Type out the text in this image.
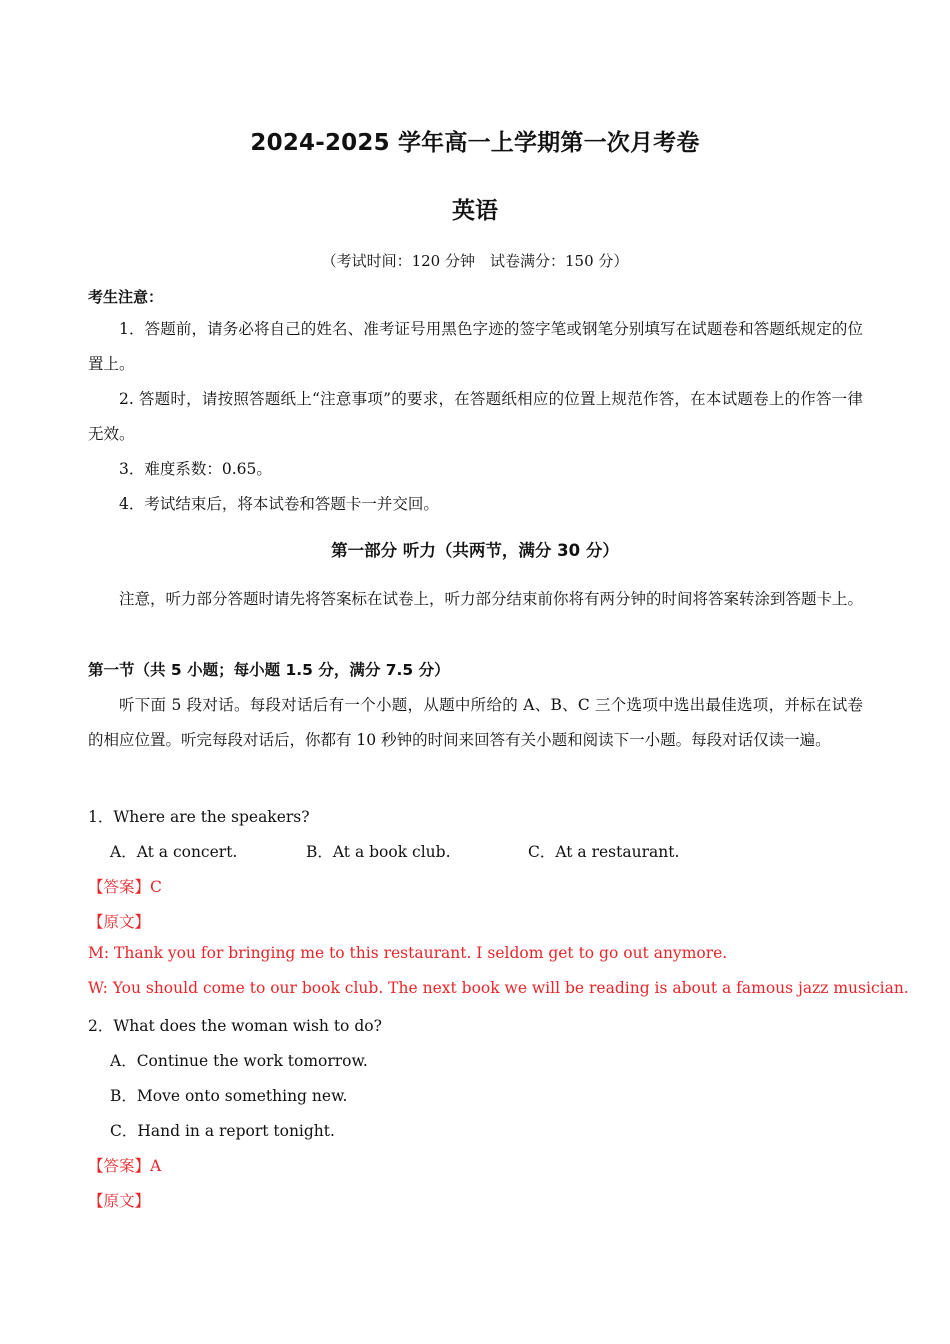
2024-2025 学年高一上学期第一次月考卷
英语
（考试时间：120 分钟　试卷满分：150 分）
考生注意：
1．答题前，请务必将自己的姓名、准考证号用黑色字迹的签字笔或钢笔分别填写在试题卷和答题纸规定的位置上。
2. 答题时，请按照答题纸上“注意事项”的要求，在答题纸相应的位置上规范作答，在本试题卷上的作答一律无效。
3．难度系数：0.65。
4．考试结束后，将本试卷和答题卡一并交回。
第一部分 听力（共两节，满分 30 分）
注意，听力部分答题时请先将答案标在试卷上，听力部分结束前你将有两分钟的时间将答案转涂到答题卡上。
第一节（共 5 小题；每小题 1.5 分，满分 7.5 分）
听下面 5 段对话。每段对话后有一个小题，从题中所给的 A、B、C 三个选项中选出最佳选项，并标在试卷的相应位置。听完每段对话后，你都有 10 秒钟的时间来回答有关小题和阅读下一小题。每段对话仅读一遍。
1．Where are the speakers?
A．At a concert.	B．At a book club.	C．At a restaurant.
【答案】C
【原文】
M: Thank you for bringing me to this restaurant. I seldom get to go out anymore.
W: You should come to our book club. The next book we will be reading is about a famous jazz musician.
2．What does the woman wish to do?
A．Continue the work tomorrow.
B．Move onto something new.
C．Hand in a report tonight.
【答案】A
【原文】
